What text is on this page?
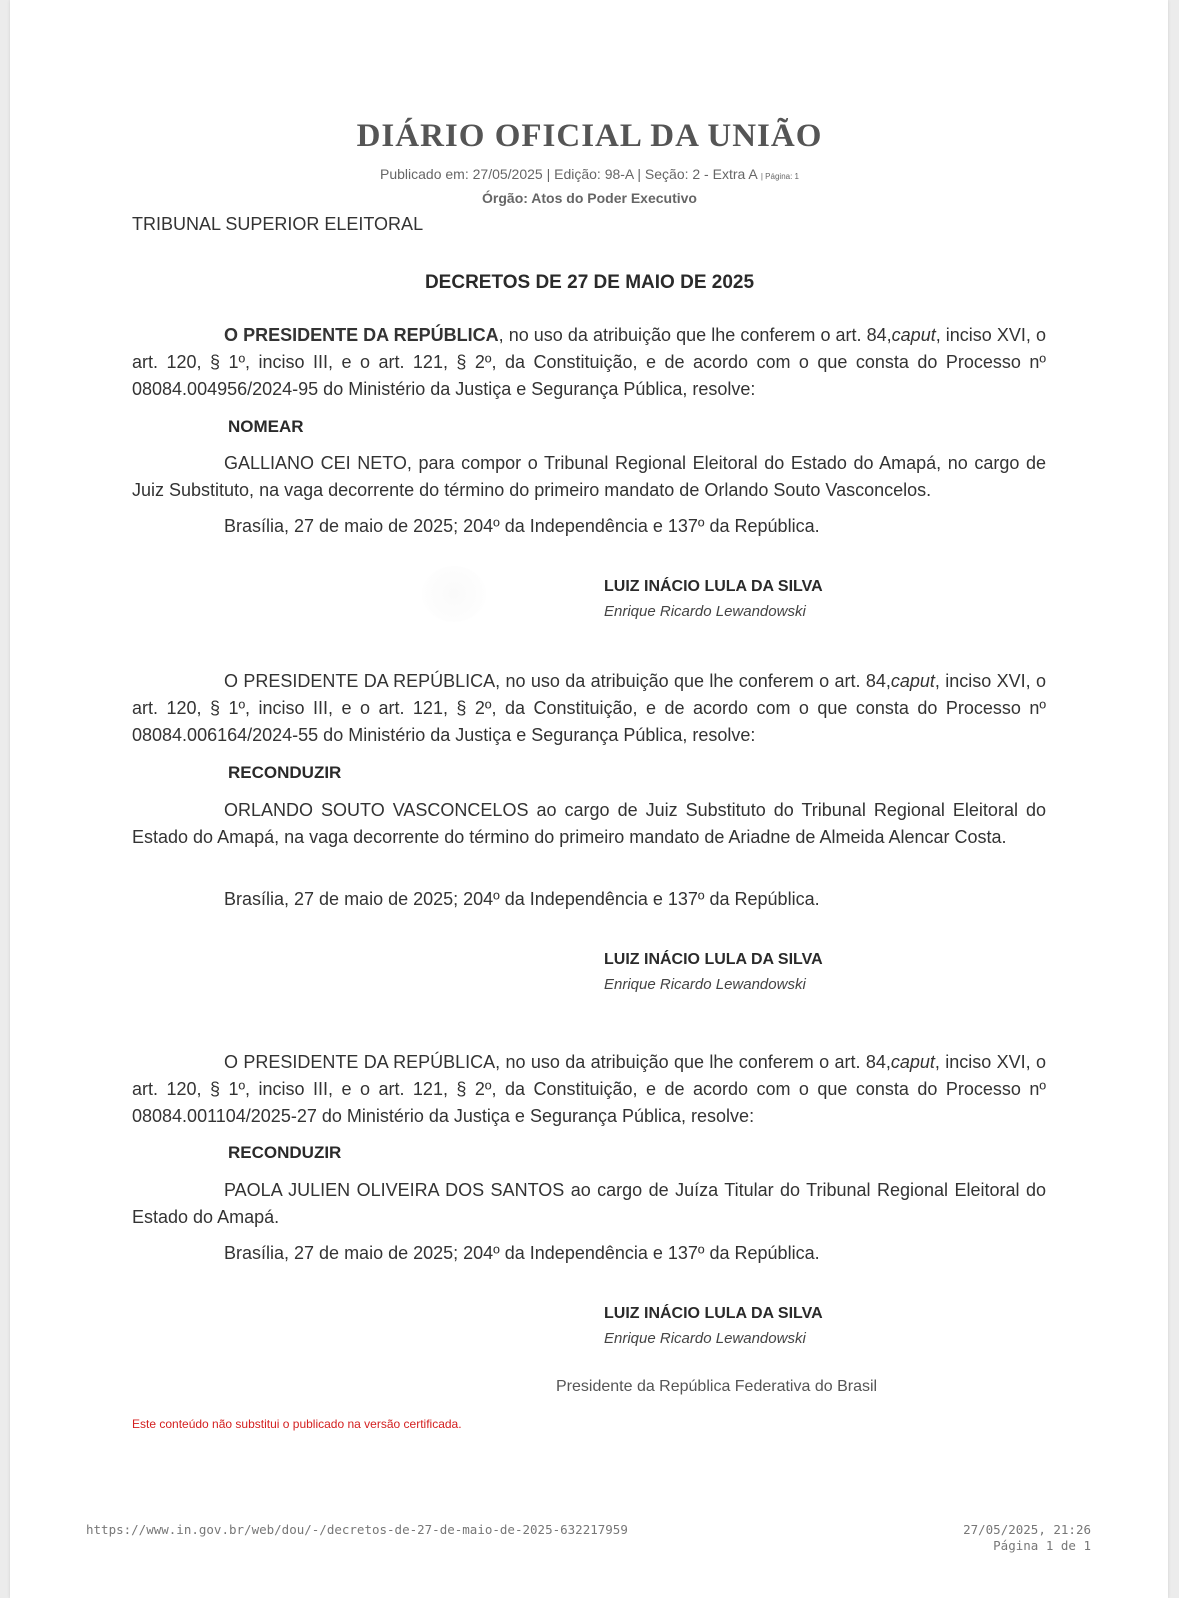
DIÁRIO OFICIAL DA UNIÃO
Publicado em: 27/05/2025 | Edição: 98-A | Seção: 2 - Extra A | Página: 1
Órgão: Atos do Poder Executivo
TRIBUNAL SUPERIOR ELEITORAL
DECRETOS DE 27 DE MAIO DE 2025

O PRESIDENTE DA REPÚBLICA, no uso da atribuição que lhe conferem o art. 84,caput, inciso XVI, o art. 120, § 1º, inciso III, e o art. 121, § 2º, da Constituição, e de acordo com o que consta do Processo nº 08084.004956/2024-95 do Ministério da Justiça e Segurança Pública, resolve:

NOMEAR

GALLIANO CEI NETO, para compor o Tribunal Regional Eleitoral do Estado do Amapá, no cargo de Juiz Substituto, na vaga decorrente do término do primeiro mandato de Orlando Souto Vasconcelos.

Brasília, 27 de maio de 2025; 204º da Independência e 137º da República.
LUIZ INÁCIO LULA DA SILVA
Enrique Ricardo Lewandowski

O PRESIDENTE DA REPÚBLICA, no uso da atribuição que lhe conferem o art. 84,caput, inciso XVI, o art. 120, § 1º, inciso III, e o art. 121, § 2º, da Constituição, e de acordo com o que consta do Processo nº 08084.006164/2024-55 do Ministério da Justiça e Segurança Pública, resolve:

RECONDUZIR

ORLANDO SOUTO VASCONCELOS ao cargo de Juiz Substituto do Tribunal Regional Eleitoral do Estado do Amapá, na vaga decorrente do término do primeiro mandato de Ariadne de Almeida Alencar Costa.

Brasília, 27 de maio de 2025; 204º da Independência e 137º da República.
LUIZ INÁCIO LULA DA SILVA
Enrique Ricardo Lewandowski

O PRESIDENTE DA REPÚBLICA, no uso da atribuição que lhe conferem o art. 84,caput, inciso XVI, o art. 120, § 1º, inciso III, e o art. 121, § 2º, da Constituição, e de acordo com o que consta do Processo nº 08084.001104/2025-27 do Ministério da Justiça e Segurança Pública, resolve:

RECONDUZIR

PAOLA JULIEN OLIVEIRA DOS SANTOS ao cargo de Juíza Titular do Tribunal Regional Eleitoral do Estado do Amapá.

Brasília, 27 de maio de 2025; 204º da Independência e 137º da República.
LUIZ INÁCIO LULA DA SILVA
Enrique Ricardo Lewandowski
Presidente da República Federativa do Brasil
Este conteúdo não substitui o publicado na versão certificada.
https://www.in.gov.br/web/dou/-/decretos-de-27-de-maio-de-2025-632217959	27/05/2025, 21:26
Página 1 de 1
